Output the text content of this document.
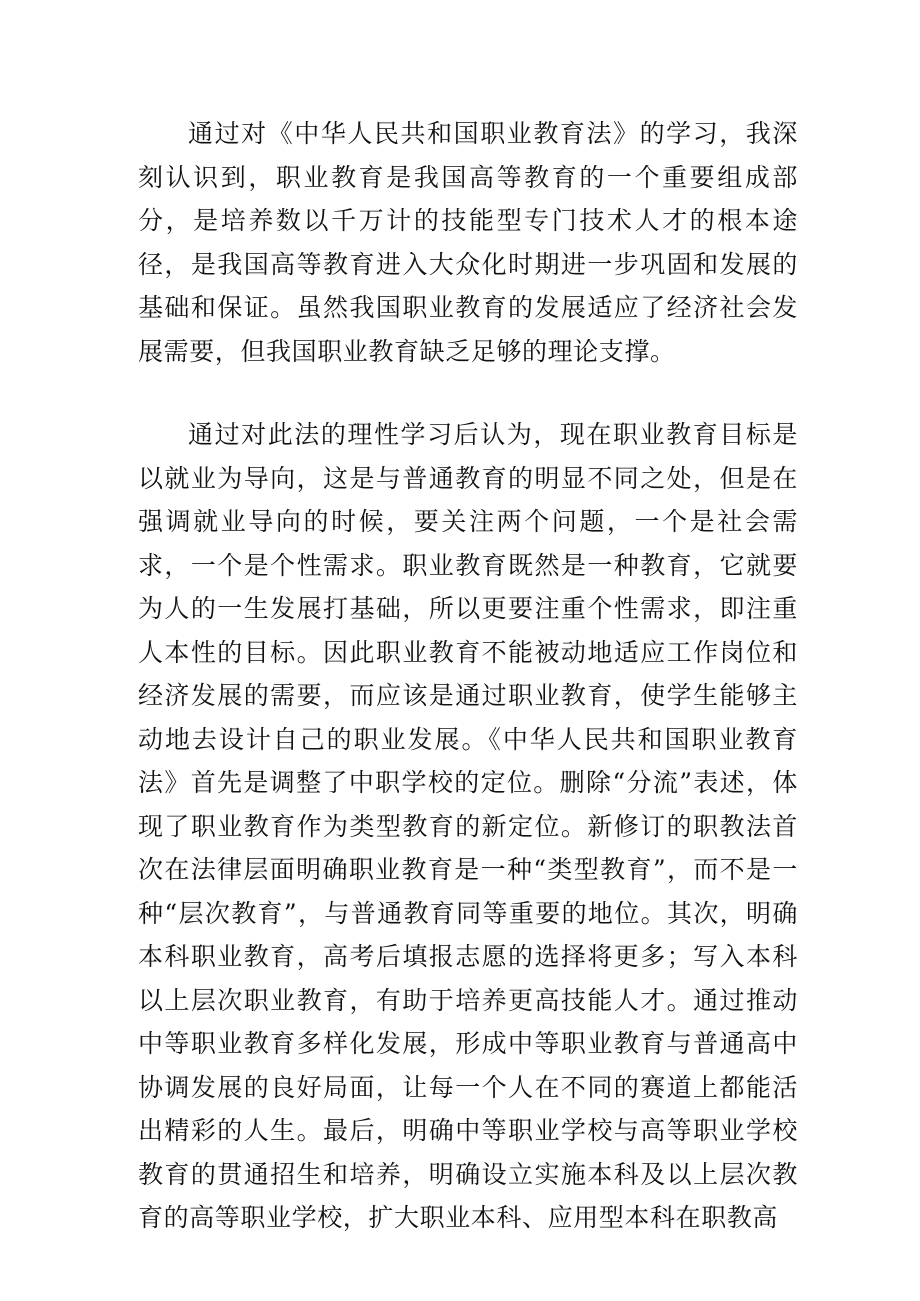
通过对《中华人民共和国职业教育法》的学习，我深刻认识到，职业教育是我国高等教育的一个重要组成部分，是培养数以千万计的技能型专门技术人才的根本途径，是我国高等教育进入大众化时期进一步巩固和发展的基础和保证。虽然我国职业教育的发展适应了经济社会发展需要，但我国职业教育缺乏足够的理论支撑。

通过对此法的理性学习后认为，现在职业教育目标是以就业为导向，这是与普通教育的明显不同之处，但是在强调就业导向的时候，要关注两个问题，一个是社会需求，一个是个性需求。职业教育既然是一种教育，它就要为人的一生发展打基础，所以更要注重个性需求，即注重人本性的目标。因此职业教育不能被动地适应工作岗位和经济发展的需要，而应该是通过职业教育，使学生能够主动地去设计自己的职业发展。《中华人民共和国职业教育法》首先是调整了中职学校的定位。删除“分流”表述，体现了职业教育作为类型教育的新定位。新修订的职教法首次在法律层面明确职业教育是一种“类型教育”，而不是一种“层次教育”，与普通教育同等重要的地位。其次，明确本科职业教育，高考后填报志愿的选择将更多；写入本科以上层次职业教育，有助于培养更高技能人才。通过推动中等职业教育多样化发展，形成中等职业教育与普通高中协调发展的良好局面，让每一个人在不同的赛道上都能活出精彩的人生。最后，明确中等职业学校与高等职业学校教育的贯通招生和培养，明确设立实施本科及以上层次教育的高等职业学校，扩大职业本科、应用型本科在职教高
